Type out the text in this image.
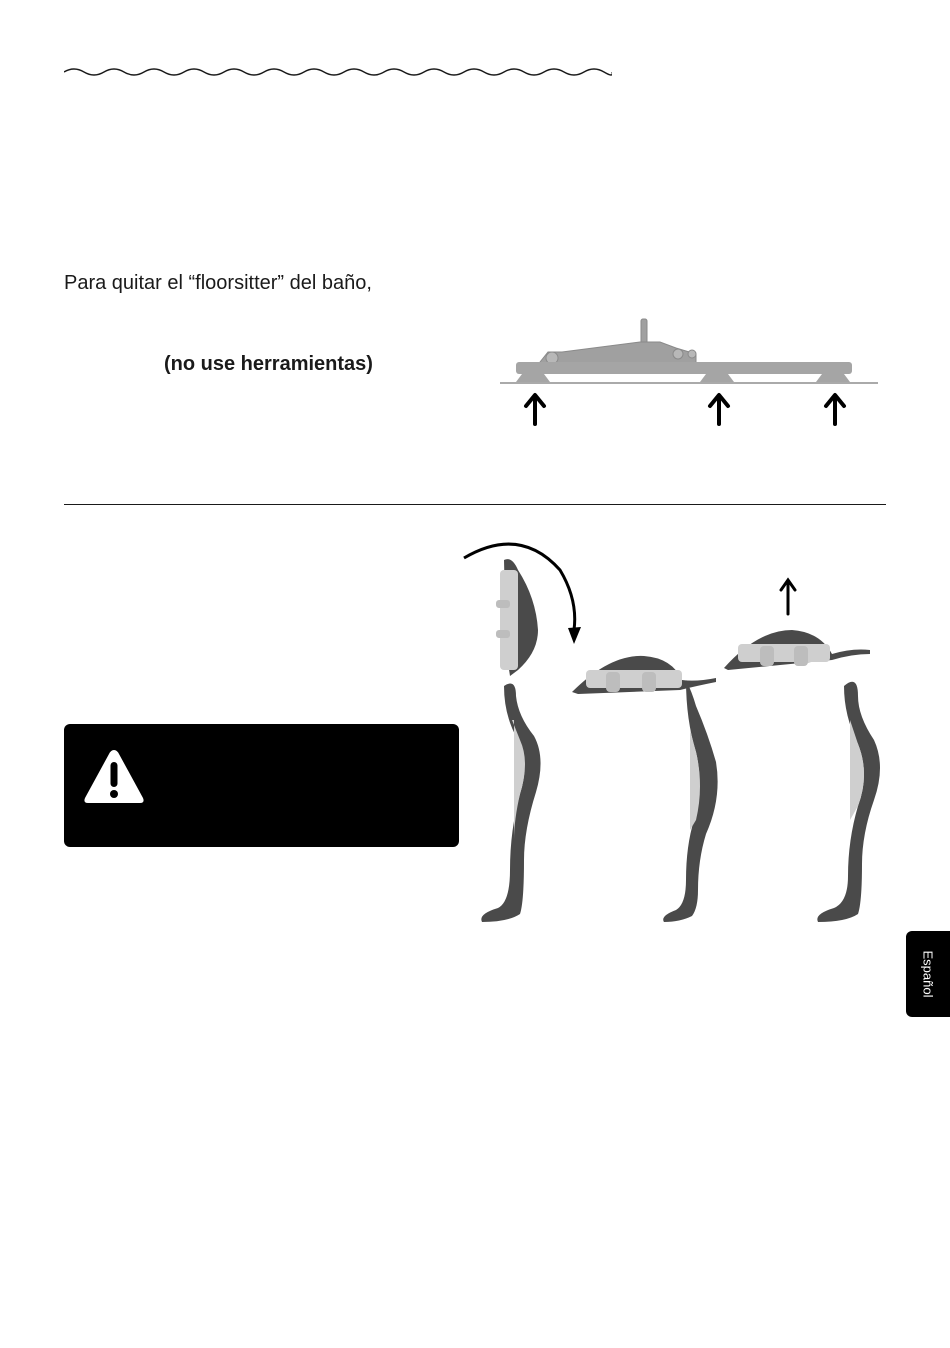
Para quitar el “floorsitter” del baño,
(no use herramientas)
Español
